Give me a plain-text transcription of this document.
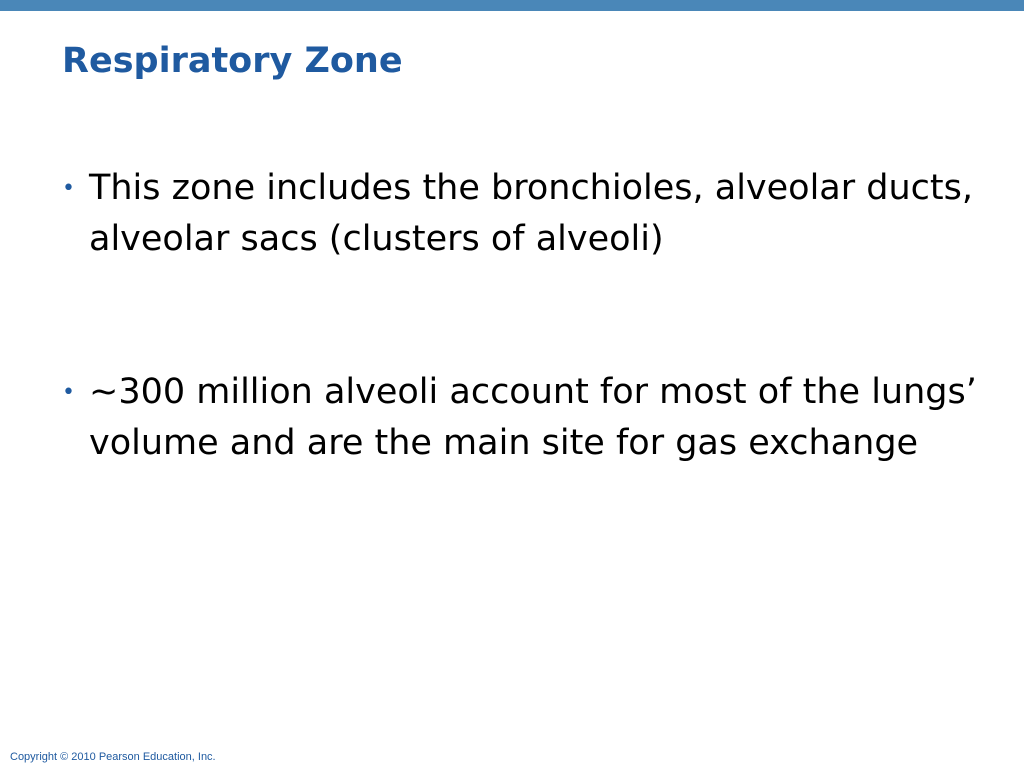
Respiratory Zone
• This zone includes the bronchioles, alveolar ducts, alveolar sacs (clusters of alveoli)
• ~300 million alveoli account for most of the lungs’ volume and are the main site for gas exchange
Copyright © 2010 Pearson Education, Inc.
